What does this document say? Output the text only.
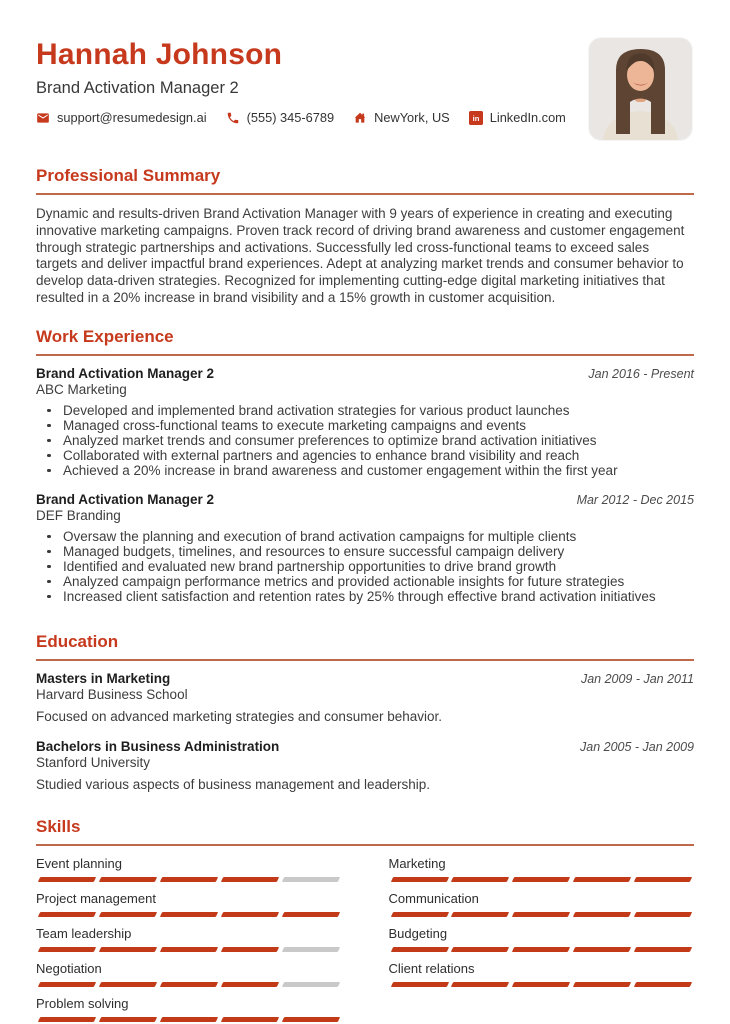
Hannah Johnson
Brand Activation Manager 2
support@resumedesign.ai	(555) 345-6789	NewYork, US in LinkedIn.com
Professional Summary

Dynamic and results-driven Brand Activation Manager with 9 years of experience in creating and executing innovative marketing campaigns. Proven track record of driving brand awareness and customer engagement through strategic partnerships and activations. Successfully led cross-functional teams to exceed sales targets and deliver impactful brand experiences. Adept at analyzing market trends and consumer behavior to develop data-driven strategies. Recognized for implementing cutting-edge digital marketing initiatives that resulted in a 20% increase in brand visibility and a 15% growth in customer acquisition.

Work Experience
Brand Activation Manager 2	Jan 2016 - Present
ABC Marketing
Developed and implemented brand activation strategies for various product launches
Managed cross-functional teams to execute marketing campaigns and events
Analyzed market trends and consumer preferences to optimize brand activation initiatives
Collaborated with external partners and agencies to enhance brand visibility and reach
Achieved a 20% increase in brand awareness and customer engagement within the first year
Brand Activation Manager 2	Mar 2012 - Dec 2015
DEF Branding
Oversaw the planning and execution of brand activation campaigns for multiple clients
Managed budgets, timelines, and resources to ensure successful campaign delivery
Identified and evaluated new brand partnership opportunities to drive brand growth
Analyzed campaign performance metrics and provided actionable insights for future strategies
Increased client satisfaction and retention rates by 25% through effective brand activation initiatives
Education
Masters in Marketing	Jan 2009 - Jan 2011
Harvard Business School
Focused on advanced marketing strategies and consumer behavior.
Bachelors in Business Administration	Jan 2005 - Jan 2009
Stanford University
Studied various aspects of business management and leadership.
Skills
Event planning
Project management
Team leadership
Negotiation
Problem solving
Marketing
Communication
Budgeting
Client relations
